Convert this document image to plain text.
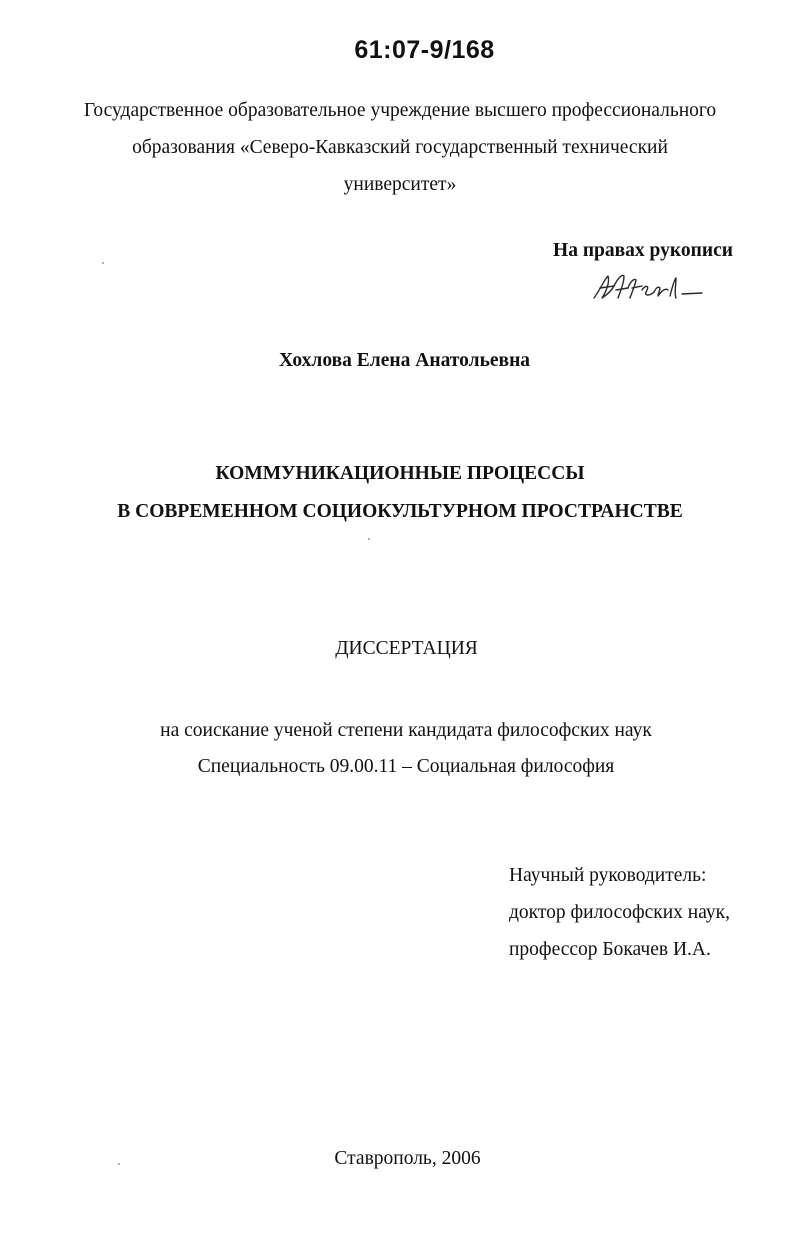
61:07-9/168
Государственное образовательное учреждение высшего профессионального
образования «Северо-Кавказский государственный технический
университет»
На правах рукописи
Хохлова Елена Анатольевна
КОММУНИКАЦИОННЫЕ ПРОЦЕССЫ
В СОВРЕМЕННОМ СОЦИОКУЛЬТУРНОМ ПРОСТРАНСТВЕ
ДИССЕРТАЦИЯ
на соискание ученой степени кандидата философских наук
Специальность 09.00.11 – Социальная философия
Научный руководитель:
доктор философских наук,
профессор Бокачев И.А.
Ставрополь, 2006
